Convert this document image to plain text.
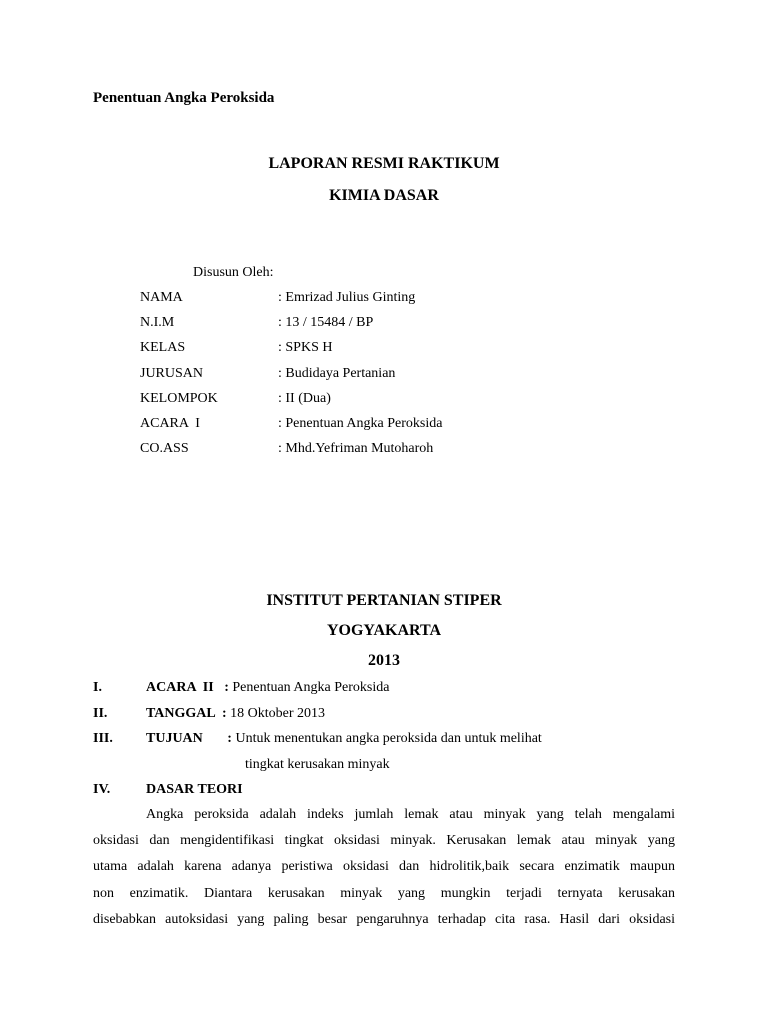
Penentuan Angka Peroksida
LAPORAN RESMI RAKTIKUM
KIMIA DASAR
Disusun Oleh:
NAMA	: Emrizad Julius Ginting
N.I.M	: 13 / 15484 / BP
KELAS	: SPKS H
JURUSAN	: Budidaya Pertanian
KELOMPOK	: II (Dua)
ACARA  I	: Penentuan Angka Peroksida
CO.ASS	: Mhd.Yefriman Mutoharoh
INSTITUT PERTANIAN STIPER
YOGYAKARTA
2013
I.	ACARA  II   : Penentuan Angka Peroksida
II.	TANGGAL  : 18 Oktober 2013
III. TUJUAN       : Untuk menentukan angka peroksida dan untuk melihat
tingkat kerusakan minyak
IV.	DASAR TEORI
Angka peroksida adalah indeks jumlah lemak atau minyak yang telah mengalami
oksidasi dan mengidentifikasi tingkat oksidasi minyak. Kerusakan lemak atau minyak yang
utama adalah karena adanya peristiwa oksidasi dan hidrolitik,baik secara enzimatik maupun
non enzimatik. Diantara kerusakan minyak yang mungkin terjadi ternyata kerusakan
disebabkan autoksidasi yang paling besar pengaruhnya terhadap cita rasa. Hasil dari oksidasi
